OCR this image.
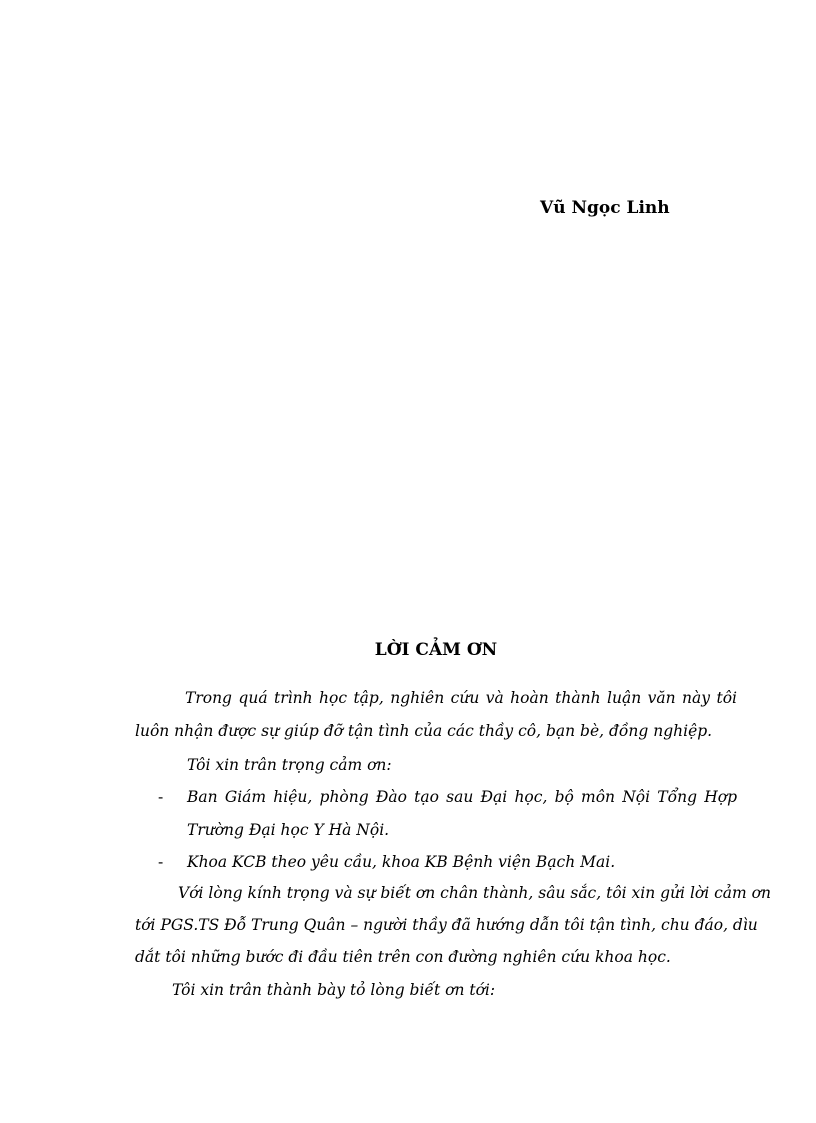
Vũ Ngọc Linh
LỜI CẢM ƠN
Trong quá trình học tập, nghiên cứu và hoàn thành luận văn này tôi
luôn nhận được sự giúp đỡ tận tình của các thầy cô, bạn bè, đồng nghiệp.
Tôi xin trân trọng cảm ơn:
- Ban Giám hiệu, phòng Đào tạo sau Đại học, bộ môn Nội Tổng Hợp
Trường Đại học Y Hà Nội.
- Khoa KCB theo yêu cầu, khoa KB Bệnh viện Bạch Mai.
Với lòng kính trọng và sự biết ơn chân thành, sâu sắc, tôi xin gửi lời cảm ơn
tới PGS.TS Đỗ Trung Quân – người thầy đã hướng dẫn tôi tận tình, chu đáo, dìu
dắt tôi những bước đi đầu tiên trên con đường nghiên cứu khoa học.
Tôi xin trân thành bày tỏ lòng biết ơn tới:
